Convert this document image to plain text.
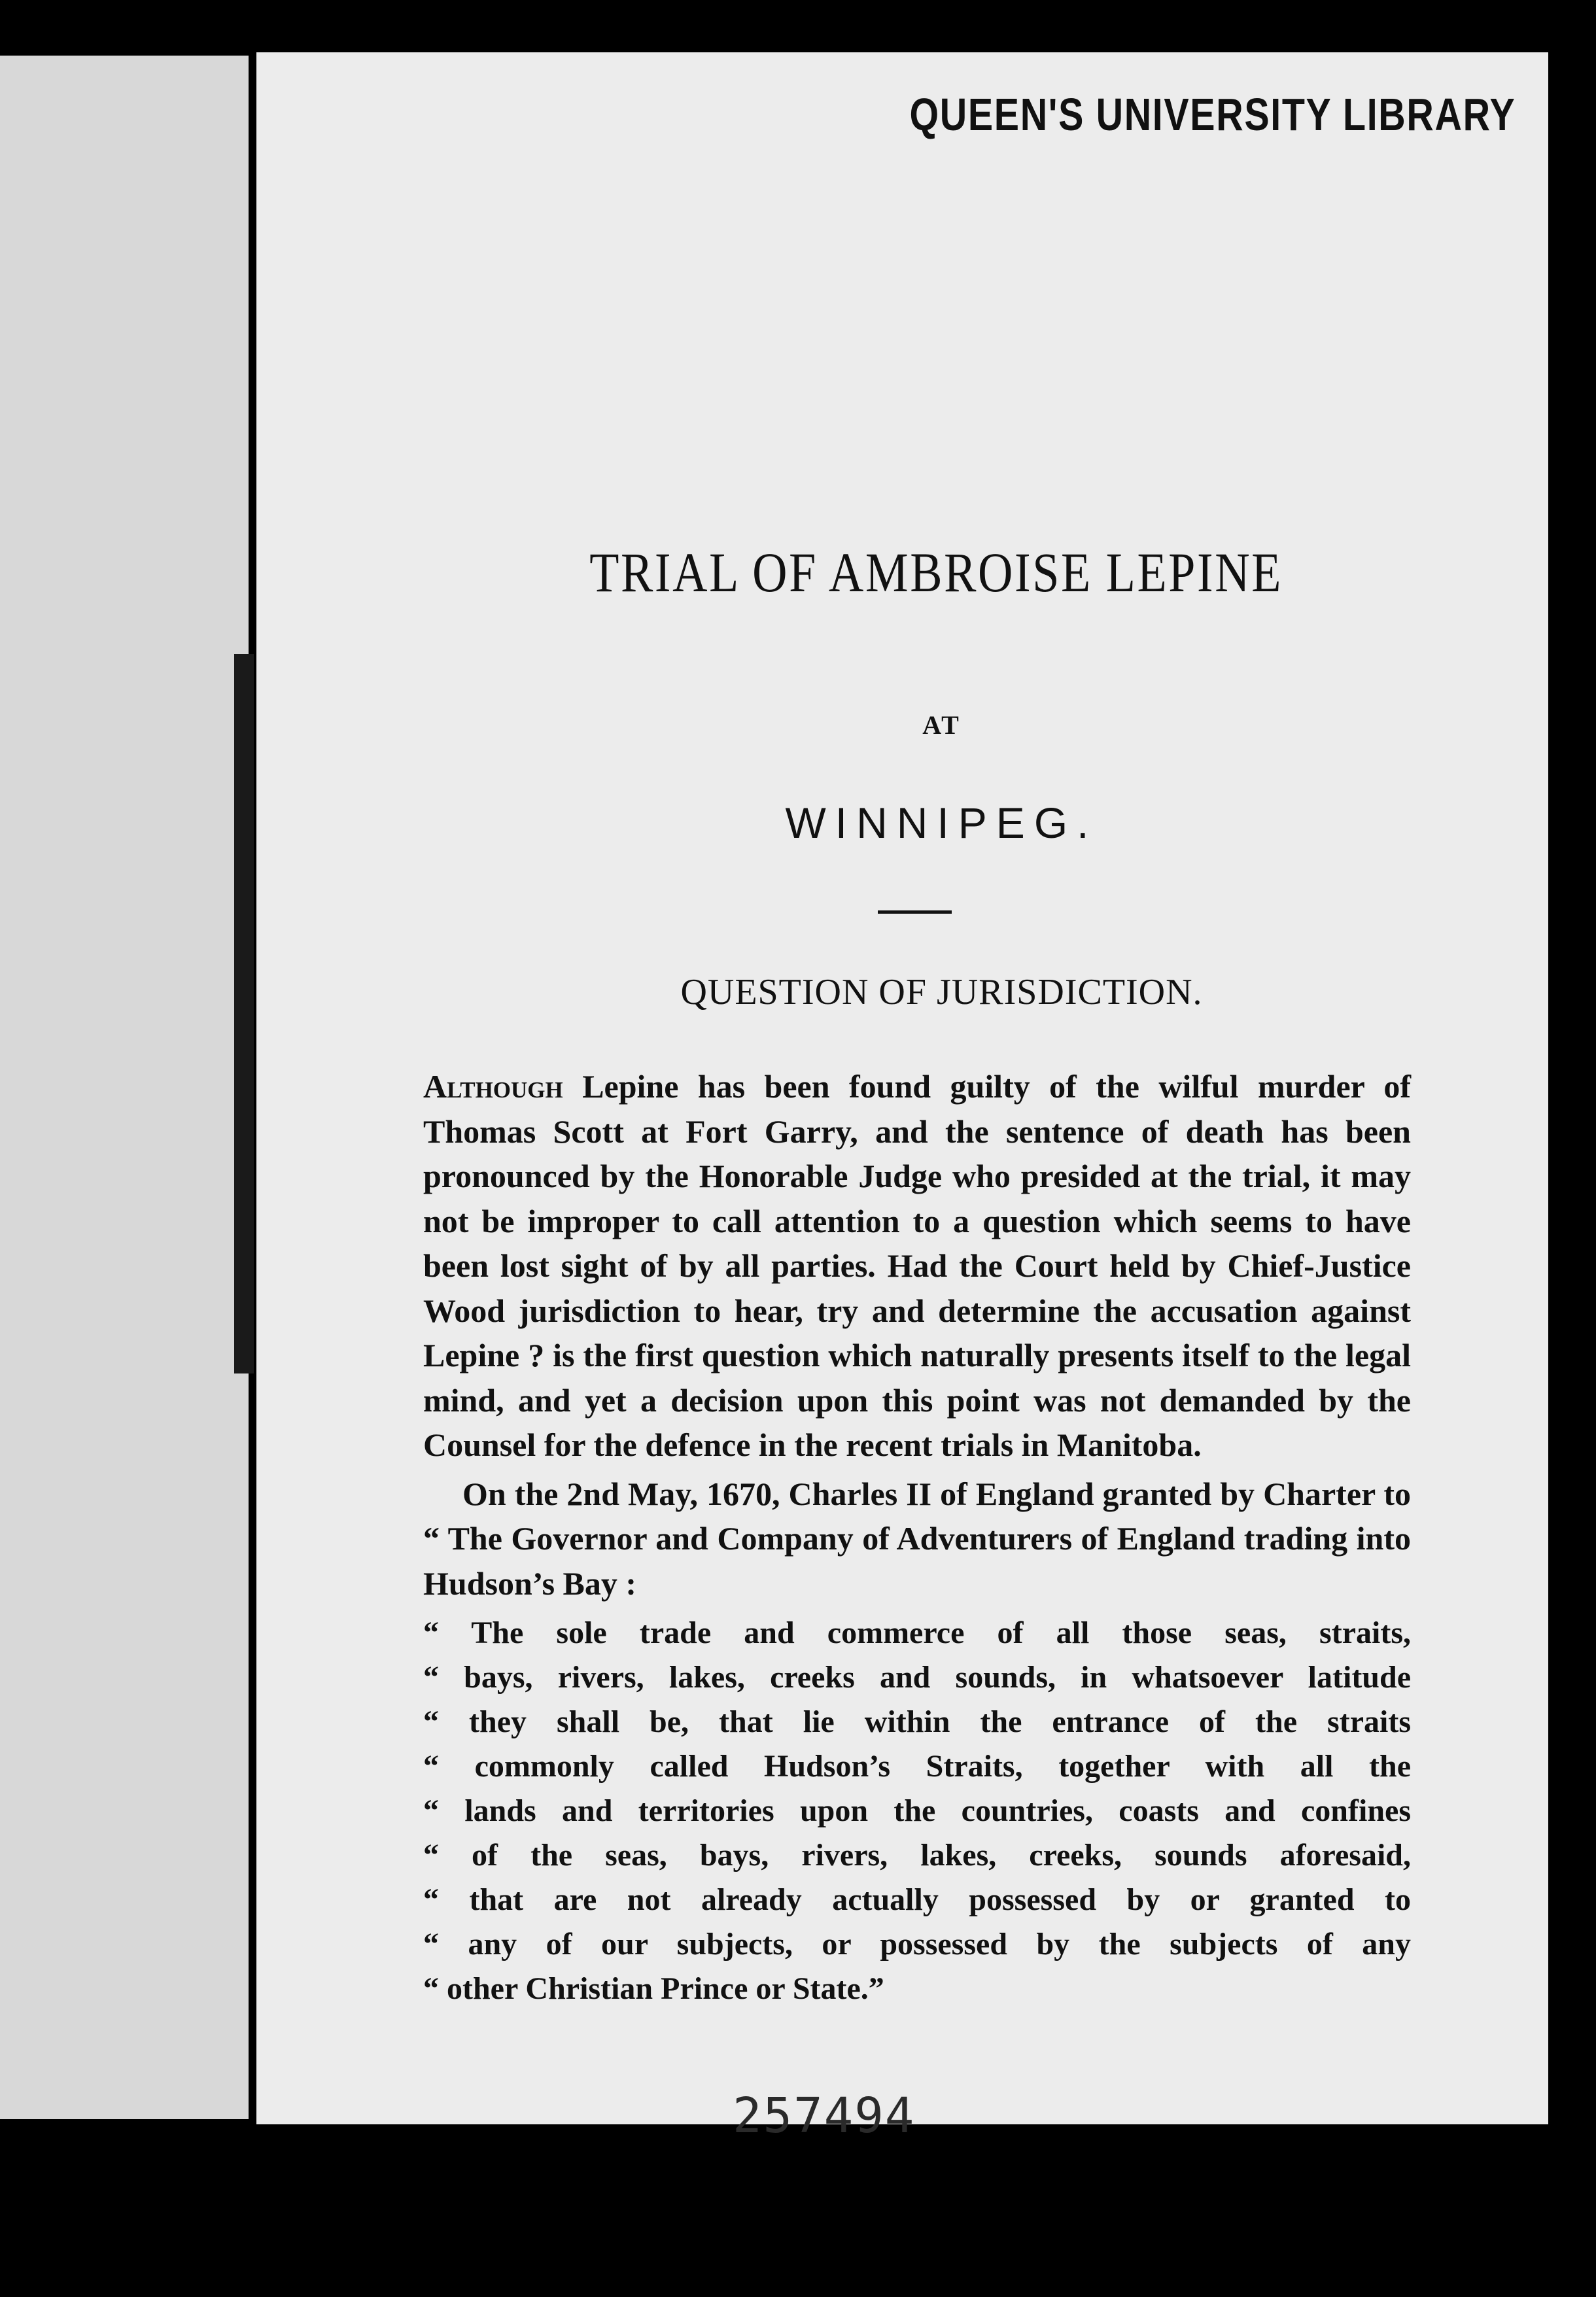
QUEEN'S UNIVERSITY LIBRARY
TRIAL OF AMBROISE LEPINE
AT
WINNIPEG.
QUESTION OF JURISDICTION.

Although Lepine has been found guilty of the wilful murder of Thomas Scott at Fort Garry, and the sentence of death has been pronounced by the Honorable Judge who presided at the trial, it may not be improper to call attention to a question which seems to have been lost sight of by all parties. Had the Court held by Chief-Justice Wood jurisdiction to hear, try and determine the accusation against Lepine ? is the first question which naturally presents itself to the legal mind, and yet a decision upon this point was not demanded by the Counsel for the defence in the recent trials in Manitoba.

On the 2nd May, 1670, Charles II of England granted by Charter to “ The Governor and Company of Adventurers of England trading into Hudson’s Bay :

“ The sole trade and commerce of all those seas, straits,
“ bays, rivers, lakes, creeks and sounds, in whatsoever latitude
“ they shall be, that lie within the entrance of the straits
“ commonly called Hudson’s Straits, together with all the
“ lands and territories upon the countries, coasts and confines
“ of the seas, bays, rivers, lakes, creeks, sounds aforesaid,
“ that are not already actually possessed by or granted to
“ any of our subjects, or possessed by the subjects of any
“ other Christian Prince or State.”
257494
